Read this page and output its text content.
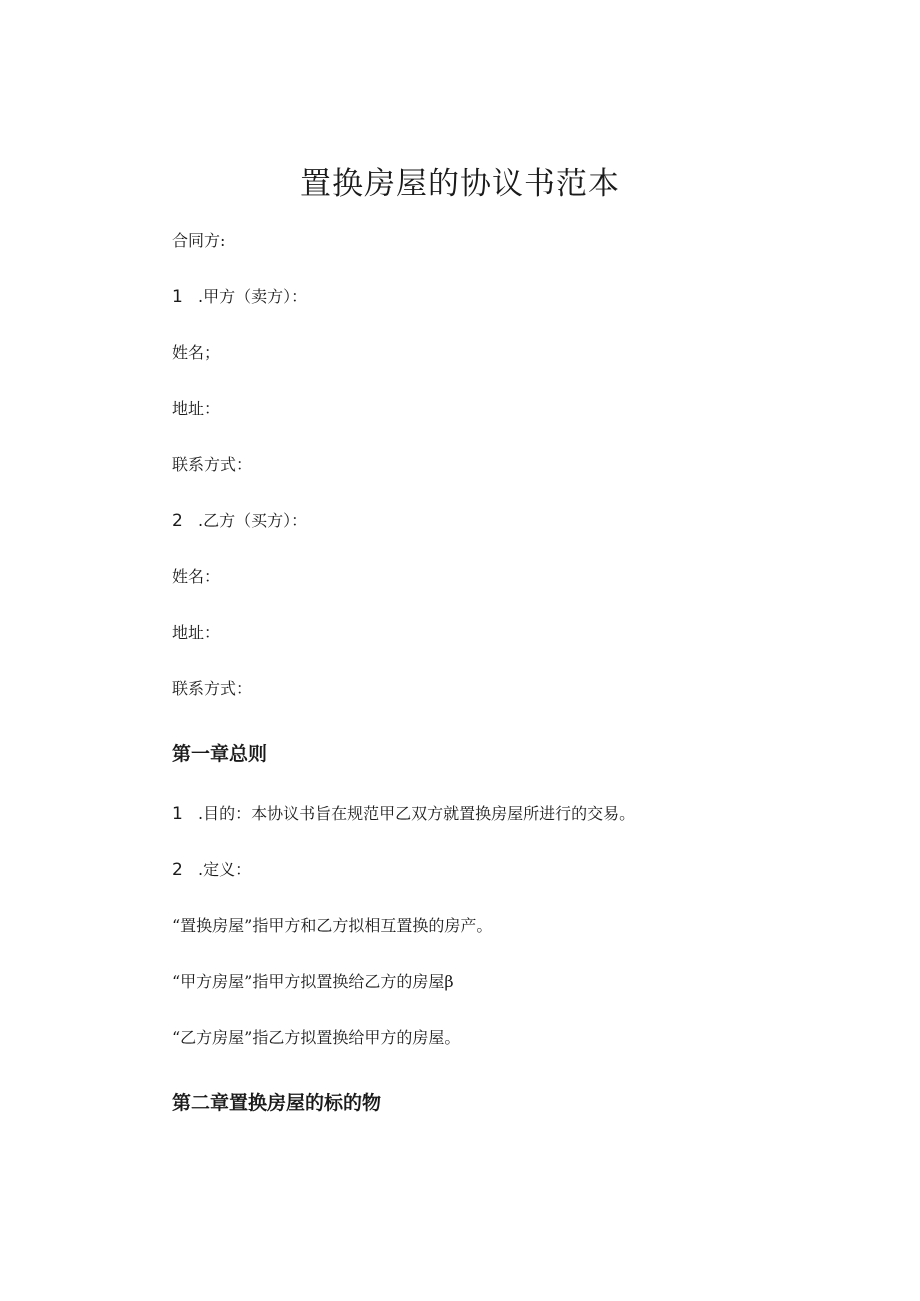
置换房屋的协议书范本
合同方:
1 .甲方（卖方）：
姓名；
地址：
联系方式：
2 .乙方（买方）：
姓名：
地址：
联系方式：
第一章总则
1 .目的：本协议书旨在规范甲乙双方就置换房屋所进行的交易。
2 .定义：
“置换房屋”指甲方和乙方拟相互置换的房产。
“甲方房屋”指甲方拟置换给乙方的房屋β
“乙方房屋”指乙方拟置换给甲方的房屋。
第二章置换房屋的标的物
